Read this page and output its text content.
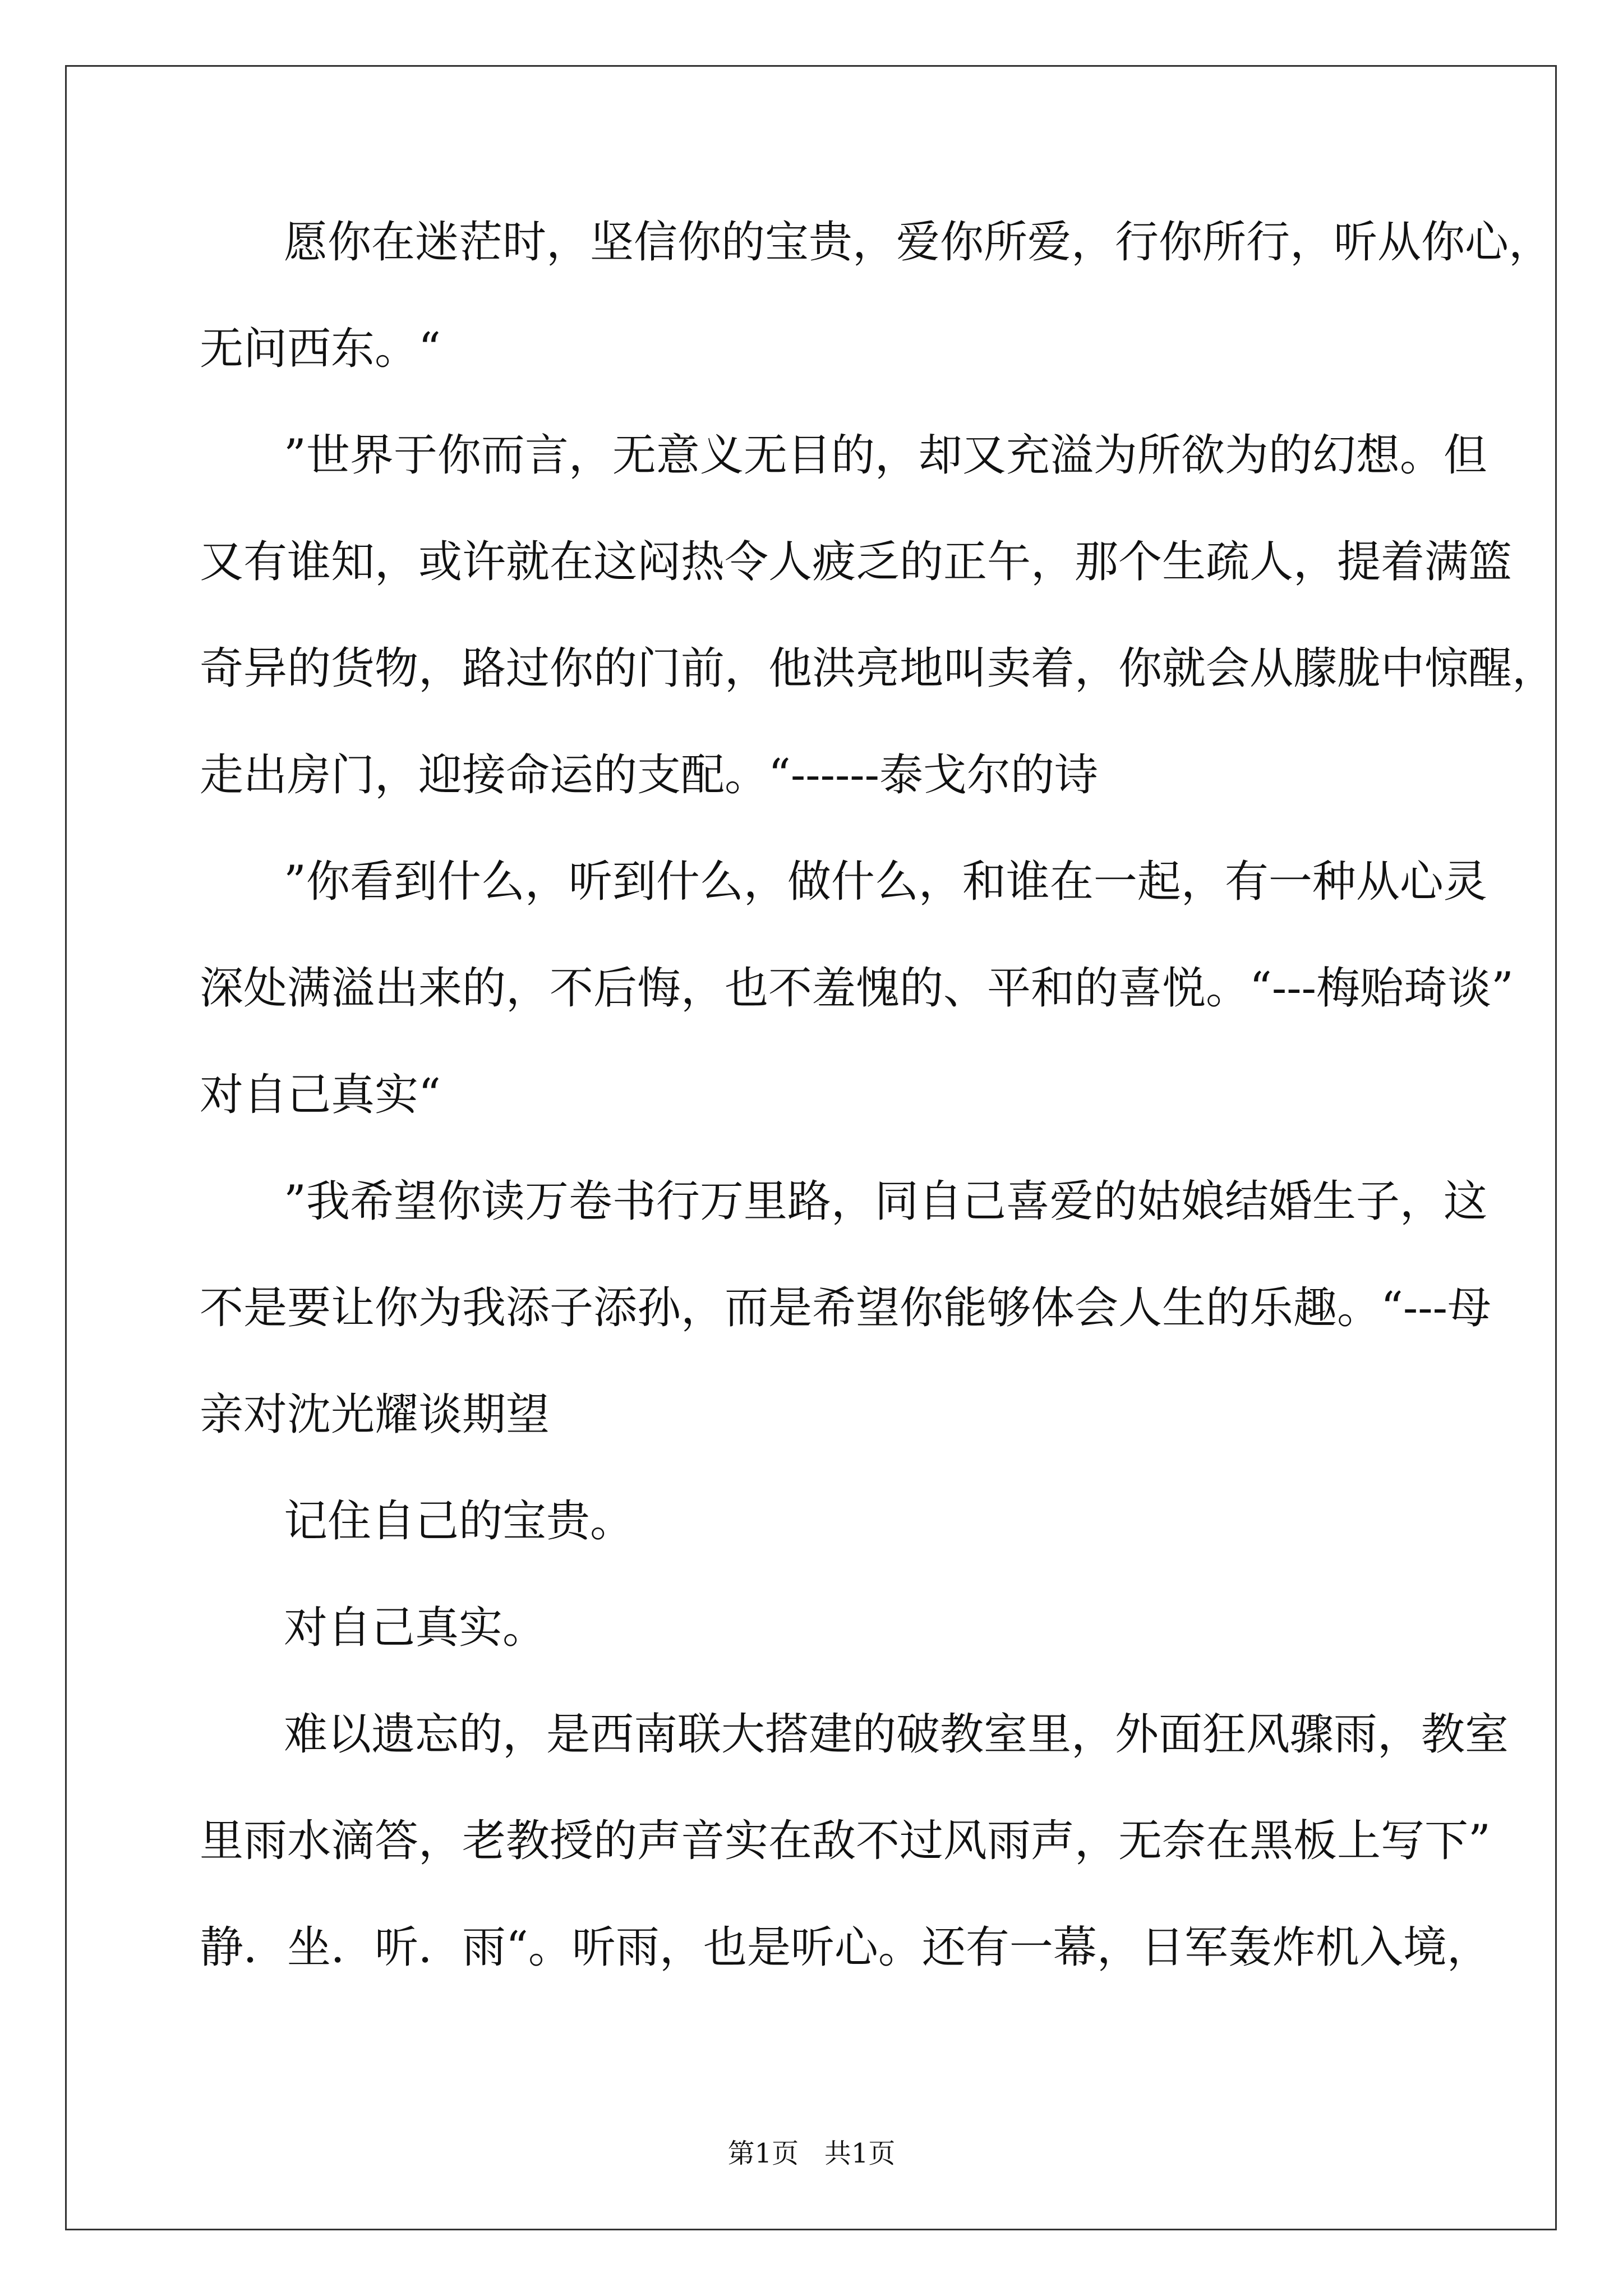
愿你在迷茫时，坚信你的宝贵，爱你所爱，行你所行，听从你心，
无问西东。“
”世界于你而言，无意义无目的，却又充溢为所欲为的幻想。但
又有谁知，或许就在这闷热令人疲乏的正午，那个生疏人，提着满篮
奇异的货物，路过你的门前，他洪亮地叫卖着，你就会从朦胧中惊醒，
走出房门，迎接命运的支配。“------泰戈尔的诗
”你看到什么，听到什么，做什么，和谁在一起，有一种从心灵
深处满溢出来的，不后悔，也不羞愧的、平和的喜悦。“---梅贻琦谈”
对自己真实“
”我希望你读万卷书行万里路，同自己喜爱的姑娘结婚生子，这
不是要让你为我添子添孙，而是希望你能够体会人生的乐趣。“---母
亲对沈光耀谈期望
记住自己的宝贵。
对自己真实。
难以遗忘的，是西南联大搭建的破教室里，外面狂风骤雨，教室
里雨水滴答，老教授的声音实在敌不过风雨声，无奈在黑板上写下”
静．坐．听．雨“。听雨，也是听心。还有一幕，日军轰炸机入境，
第1页   共1页
